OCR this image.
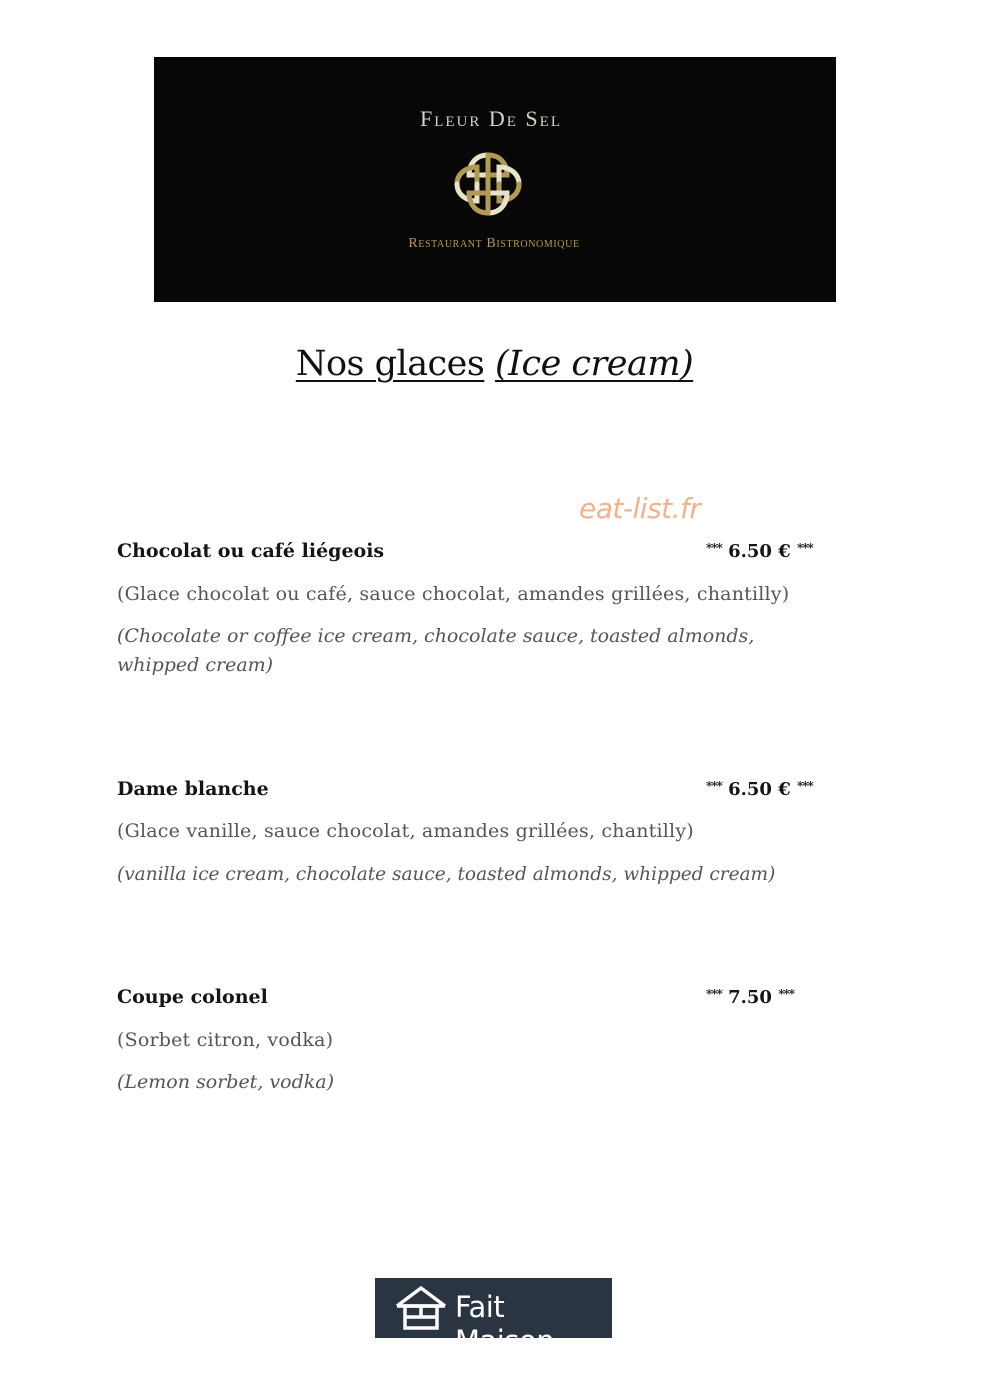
Fleur De Sel
Restaurant Bistronomique
Nos glaces (Ice cream)
eat-list.fr
Chocolat ou café liégeois	*** 6.50 € ***
(Glace chocolat ou café, sauce chocolat, amandes grillées, chantilly)
(Chocolate or coffee ice cream, chocolate sauce, toasted almonds, whipped cream)
Dame blanche	*** 6.50 € ***
(Glace vanille, sauce chocolat, amandes grillées, chantilly)
(vanilla ice cream, chocolate sauce, toasted almonds, whipped cream)
Coupe colonel	*** 7.50 ***
(Sorbet citron, vodka)
(Lemon sorbet, vodka)
Fait Maison
